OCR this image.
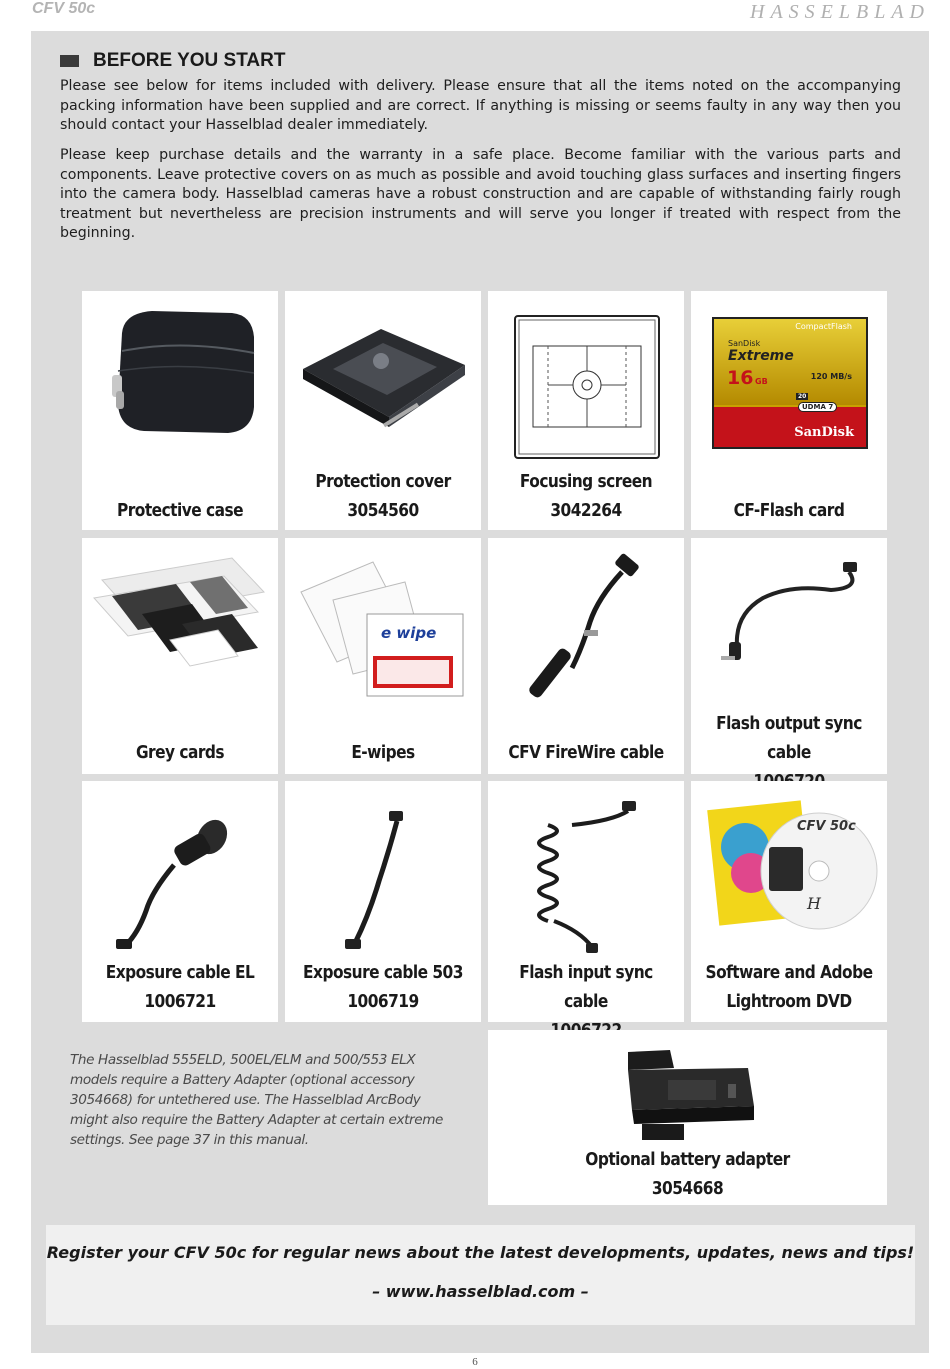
CFV 50c	HASSELBLAD
BEFORE YOU START

Please see below for items included with delivery. Please ensure that all the items noted on the accompanying packing information have been supplied and are correct. If anything is missing or seems faulty in any way then you should contact your Hasselblad dealer immediately.

Please keep purchase details and the warranty in a safe place. Become familiar with the various parts and components. Leave protective covers on as much as possible and avoid touching glass surfaces and inserting fingers into the camera body. Hasselblad cameras have a robust construction and are capable of withstanding fairly rough treatment but nevertheless are precision instruments and will serve you longer if treated with respect from the beginning.

Protective case
Protection cover
3054560
Focusing screen
3042264
CompactFlash
SanDisk
Extreme
16 GB
120 MB/s
UDMA 7
20
SanDisk
CF-Flash card
Grey cards
e wipe
E-wipes	CFV FireWire cable
Flash output sync cable
Exposure cable EL
1006721
Exposure cable 503
1006719
Flash input sync cable
H
CFV 50c
Software and Adobe
Lightroom DVD

The Hasselblad 555ELD, 500EL/ELM and 500/553 ELX models require a Battery Adapter (optional accessory 3054668) for untethered use. The Hasselblad ArcBody might also require the Battery Adapter at certain extreme settings. See page 37 in this manual.

Optional battery adapter
3054668

Register your CFV 50c for regular news about the latest developments, updates, news and tips!

– www.hasselblad.com –

6
